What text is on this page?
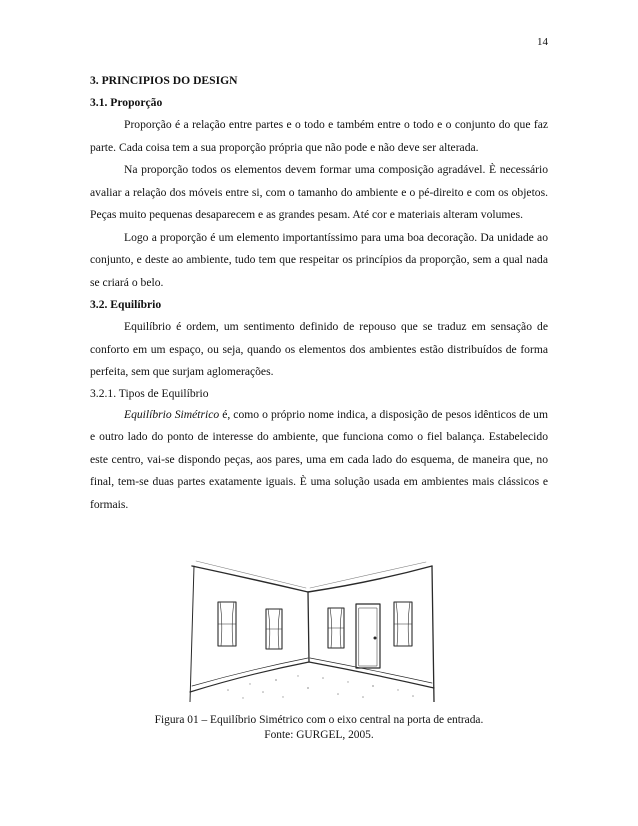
14
3. PRINCIPIOS DO DESIGN
3.1. Proporção

Proporção é a relação entre partes e o todo e também entre o todo e o conjunto do que faz parte. Cada coisa tem a sua proporção própria que não pode e não deve ser alterada.

Na proporção todos os elementos devem formar uma composição agradável. È necessário avaliar a relação dos móveis entre si, com o tamanho do ambiente e o pé-direito e com os objetos. Peças muito pequenas desaparecem e as grandes pesam. Até cor e materiais alteram volumes.

Logo a proporção é um elemento importantíssimo para uma boa decoração. Da unidade ao conjunto, e deste ao ambiente, tudo tem que respeitar os princípios da proporção, sem a qual nada se criará o belo.

3.2. Equilíbrio

Equilíbrio é ordem, um sentimento definido de repouso que se traduz em sensação de conforto em um espaço, ou seja, quando os elementos dos ambientes estão distribuídos de forma perfeita, sem que surjam aglomerações.

3.2.1. Tipos de Equilíbrio

Equilíbrio Simétrico é, como o próprio nome indica, a disposição de pesos idênticos de um e outro lado do ponto de interesse do ambiente, que funciona como o fiel balança. Estabelecido este centro, vai-se dispondo peças, aos pares, uma em cada lado do esquema, de maneira que, no final, tem-se duas partes exatamente iguais. È uma solução usada em ambientes mais clássicos e formais.

Figura 01 – Equilíbrio Simétrico com o eixo central na porta de entrada.
Fonte: GURGEL, 2005.
